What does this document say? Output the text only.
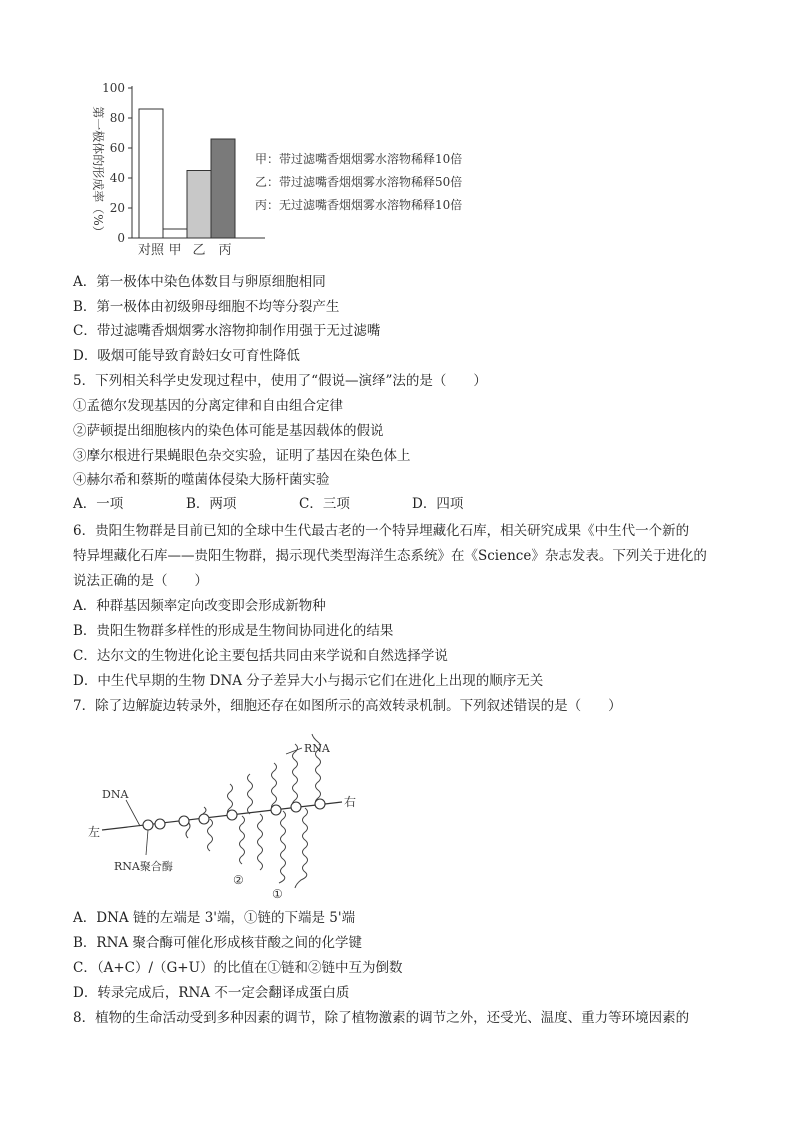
0
20
40
60
80
100
对照 甲 乙 丙
第一极体的形成率（%）	甲：带过滤嘴香烟烟雾水溶物稀释10倍
乙：带过滤嘴香烟烟雾水溶物稀释50倍
丙：无过滤嘴香烟烟雾水溶物稀释10倍
A．第一极体中染色体数目与卵原细胞相同
B．第一极体由初级卵母细胞不均等分裂产生
C．带过滤嘴香烟烟雾水溶物抑制作用强于无过滤嘴
D．吸烟可能导致育龄妇女可育性降低
5．下列相关科学史发现过程中，使用了“假说—演绎”法的是（　　）
①孟德尔发现基因的分离定律和自由组合定律
②萨顿提出细胞核内的染色体可能是基因载体的假说
③摩尔根进行果蝇眼色杂交实验，证明了基因在染色体上
④赫尔希和蔡斯的噬菌体侵染大肠杆菌实验
A．一项	B．两项	C．三项	D．四项
6．贵阳生物群是目前已知的全球中生代最古老的一个特异埋藏化石库，相关研究成果《中生代一个新的
特异埋藏化石库——贵阳生物群，揭示现代类型海洋生态系统》在《Science》杂志发表。下列关于进化的
说法正确的是（　　）
A．种群基因频率定向改变即会形成新物种
B．贵阳生物群多样性的形成是生物间协同进化的结果
C．达尔文的生物进化论主要包括共同由来学说和自然选择学说
D．中生代早期的生物 DNA 分子差异大小与揭示它们在进化上出现的顺序无关
7．除了边解旋边转录外，细胞还存在如图所示的高效转录机制。下列叙述错误的是（　　）
RNA
DNA
左
右
RNA聚合酶
②
①
A．DNA 链的左端是 3'端，①链的下端是 5'端
B．RNA 聚合酶可催化形成核苷酸之间的化学键
C．（A+C）/（G+U）的比值在①链和②链中互为倒数
D．转录完成后，RNA 不一定会翻译成蛋白质
8．植物的生命活动受到多种因素的调节，除了植物激素的调节之外，还受光、温度、重力等环境因素的
